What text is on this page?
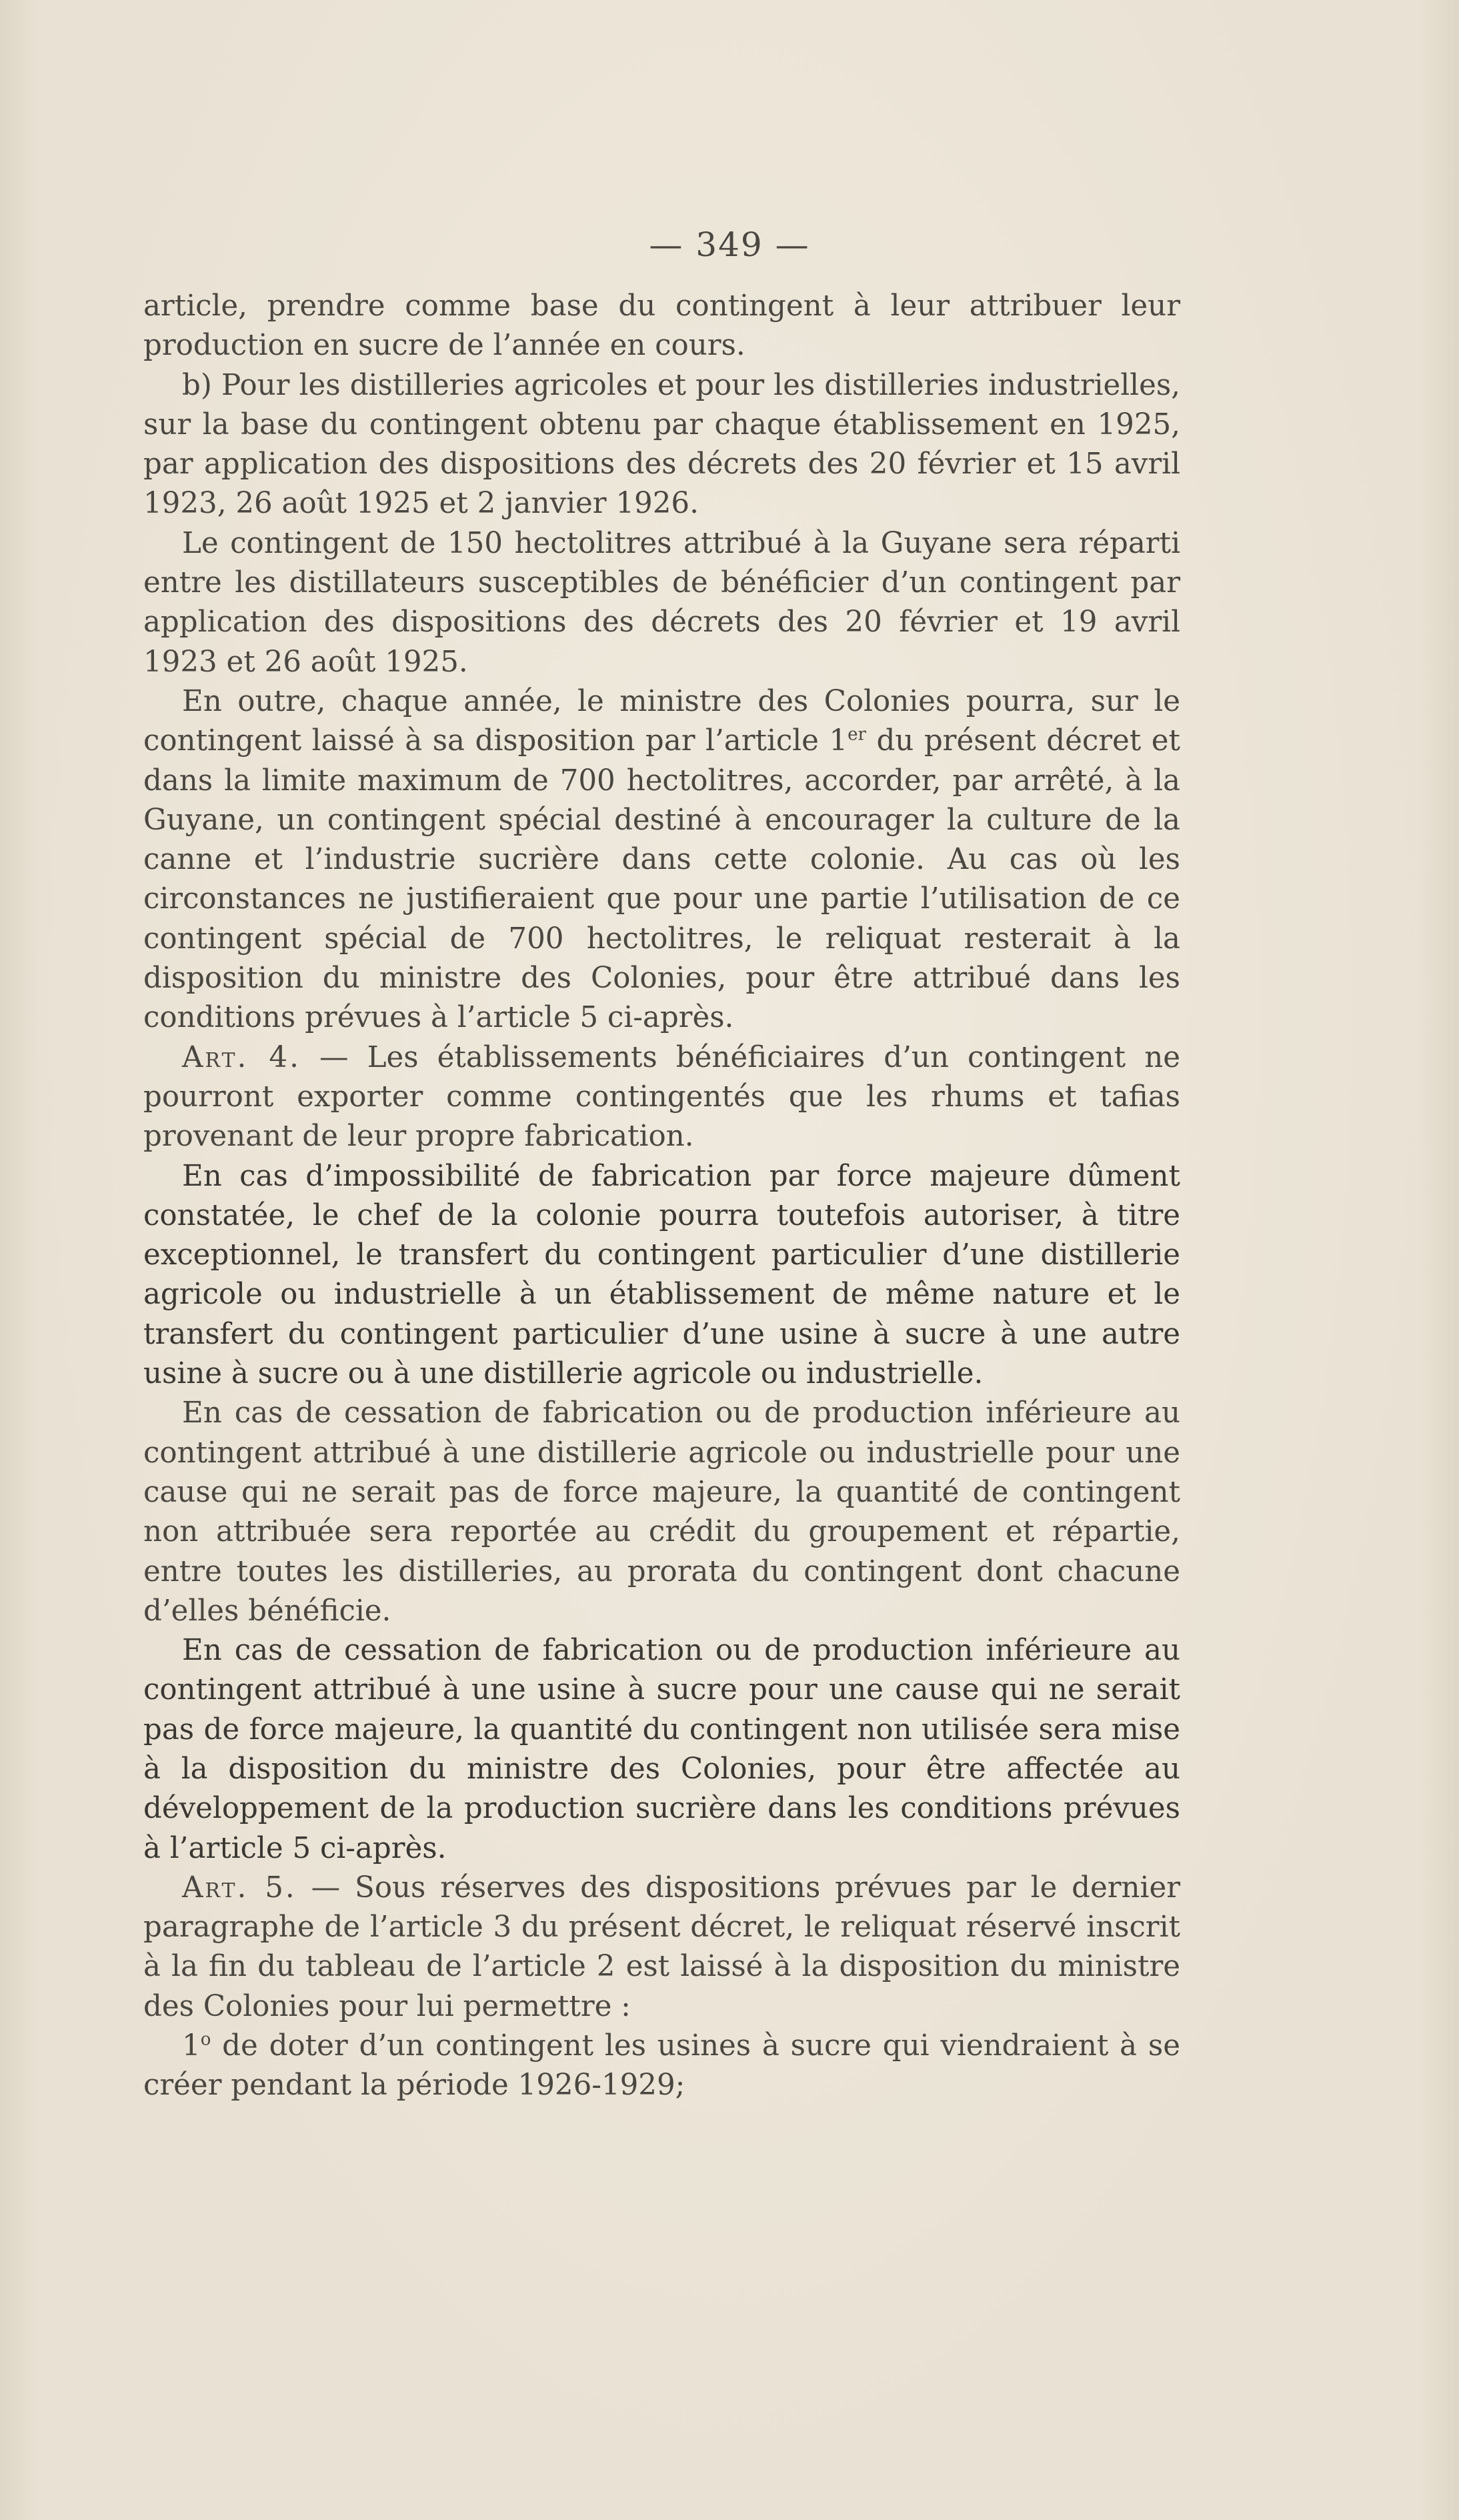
— 349 —

article, prendre comme base du contingent à leur attribuer leur production en sucre de l’année en cours.

b) Pour les distilleries agricoles et pour les distilleries industrielles, sur la base du contingent obtenu par chaque établissement en 1925, par application des dispositions des décrets des 20 février et 15 avril 1923, 26 août 1925 et 2 janvier 1926.

Le contingent de 150 hectolitres attribué à la Guyane sera réparti entre les distillateurs susceptibles de bénéficier d’un contingent par application des dispositions des décrets des 20 février et 19 avril 1923 et 26 août 1925.

En outre, chaque année, le ministre des Colonies pourra, sur le contingent laissé à sa disposition par l’article 1er du présent décret et dans la limite maximum de 700 hectolitres, accorder, par arrêté, à la Guyane, un contingent spécial destiné à encourager la culture de la canne et l’industrie sucrière dans cette colonie. Au cas où les circonstances ne justifieraient que pour une partie l’utilisation de ce contingent spécial de 700 hectolitres, le reliquat resterait à la disposition du ministre des Colonies, pour être attribué dans les conditions prévues à l’article 5 ci-après.

Art. 4. — Les établissements bénéficiaires d’un contingent ne pourront exporter comme contingentés que les rhums et tafias provenant de leur propre fabrication.

En cas d’impossibilité de fabrication par force majeure dûment constatée, le chef de la colonie pourra toutefois autoriser, à titre exceptionnel, le transfert du contingent particulier d’une distillerie agricole ou industrielle à un établissement de même nature et le transfert du contingent particulier d’une usine à sucre à une autre usine à sucre ou à une distillerie agricole ou industrielle.

En cas de cessation de fabrication ou de production inférieure au contingent attribué à une distillerie agricole ou industrielle pour une cause qui ne serait pas de force majeure, la quantité de contingent non attribuée sera reportée au crédit du groupement et répartie, entre toutes les distilleries, au prorata du contingent dont chacune d’elles bénéficie.

En cas de cessation de fabrication ou de production inférieure au contingent attribué à une usine à sucre pour une cause qui ne serait pas de force majeure, la quantité du contingent non utilisée sera mise à la disposition du ministre des Colonies, pour être affectée au développement de la production sucrière dans les conditions prévues à l’article 5 ci-après.

Art. 5. — Sous réserves des dispositions prévues par le dernier paragraphe de l’article 3 du présent décret, le reliquat réservé inscrit à la fin du tableau de l’article 2 est laissé à la disposition du ministre des Colonies pour lui permettre :

1$^o$ de doter d’un contingent les usines à sucre qui viendraient à se créer pendant la période 1926-1929;
